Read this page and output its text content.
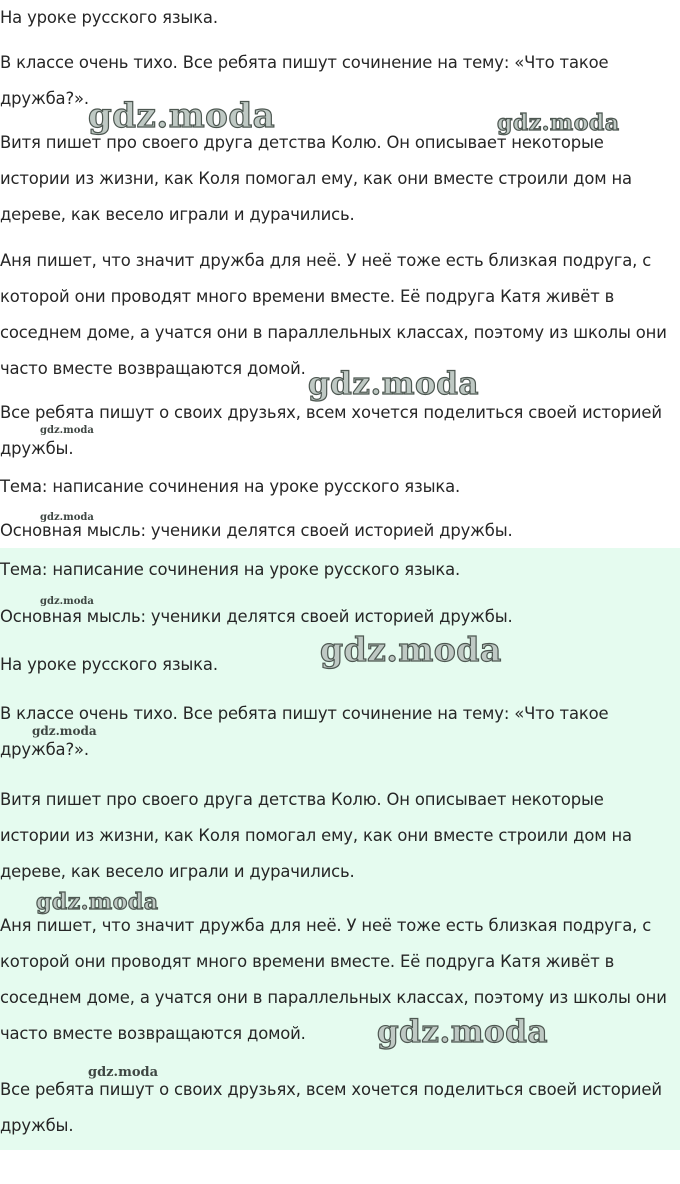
На уроке русского языка.

В классе очень тихо. Все ребята пишут сочинение на тему: «Что такое дружба?».

Витя пишет про своего друга детства Колю. Он описывает некоторые истории из жизни, как Коля помогал ему, как они вместе строили дом на дереве, как весело играли и дурачились.

Аня пишет, что значит дружба для неё. У неё тоже есть близкая подруга, с которой они проводят много времени вместе. Её подруга Катя живёт в соседнем доме, а учатся они в параллельных классах, поэтому из школы они часто вместе возвращаются домой.

Все ребята пишут о своих друзьях, всем хочется поделиться своей историей дружбы.

Тема: написание сочинения на уроке русского языка.

Основная мысль: ученики делятся своей историей дружбы.

Тема: написание сочинения на уроке русского языка.

Основная мысль: ученики делятся своей историей дружбы.

На уроке русского языка.

В классе очень тихо. Все ребята пишут сочинение на тему: «Что такое дружба?».

Витя пишет про своего друга детства Колю. Он описывает некоторые истории из жизни, как Коля помогал ему, как они вместе строили дом на дереве, как весело играли и дурачились.

Аня пишет, что значит дружба для неё. У неё тоже есть близкая подруга, с которой они проводят много времени вместе. Её подруга Катя живёт в соседнем доме, а учатся они в параллельных классах, поэтому из школы они часто вместе возвращаются домой.

Все ребята пишут о своих друзьях, всем хочется поделиться своей историей дружбы.

gdz.moda	gdz.moda
gdz.moda
gdz.moda
gdz.moda
gdz.moda
gdz.moda
gdz.moda
gdz.moda
gdz.moda
gdz.moda
